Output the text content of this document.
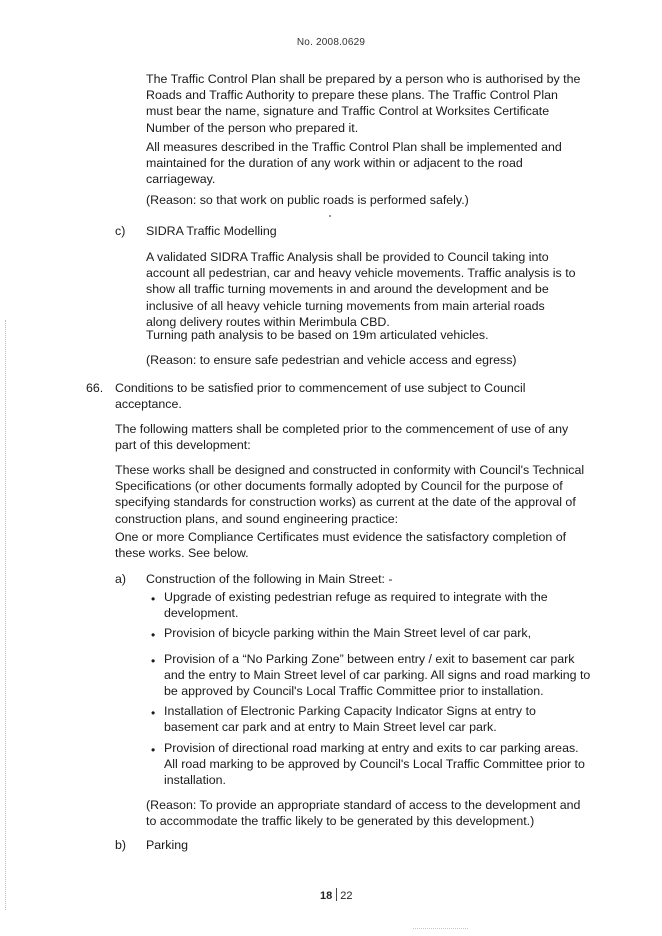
No. 2008.0629
The Traffic Control Plan shall be prepared by a person who is authorised by the Roads and Traffic Authority to prepare these plans. The Traffic Control Plan must bear the name, signature and Traffic Control at Worksites Certificate Number of the person who prepared it.
All measures described in the Traffic Control Plan shall be implemented and maintained for the duration of any work within or adjacent to the road carriageway.
(Reason: so that work on public roads is performed safely.)
c) SIDRA Traffic Modelling
A validated SIDRA Traffic Analysis shall be provided to Council taking into account all pedestrian, car and heavy vehicle movements. Traffic analysis is to show all traffic turning movements in and around the development and be inclusive of all heavy vehicle turning movements from main arterial roads along delivery routes within Merimbula CBD.
Turning path analysis to be based on 19m articulated vehicles.
(Reason: to ensure safe pedestrian and vehicle access and egress)
66. Conditions to be satisfied prior to commencement of use subject to Council acceptance.
The following matters shall be completed prior to the commencement of use of any part of this development:
These works shall be designed and constructed in conformity with Council's Technical Specifications (or other documents formally adopted by Council for the purpose of specifying standards for construction works) as current at the date of the approval of construction plans, and sound engineering practice:
One or more Compliance Certificates must evidence the satisfactory completion of these works. See below.
a) Construction of the following in Main Street: -
• Upgrade of existing pedestrian refuge as required to integrate with the development.
• Provision of bicycle parking within the Main Street level of car park,
• Provision of a “No Parking Zone” between entry / exit to basement car park and the entry to Main Street level of car parking. All signs and road marking to be approved by Council's Local Traffic Committee prior to installation.
• Installation of Electronic Parking Capacity Indicator Signs at entry to basement car park and at entry to Main Street level car park.
• Provision of directional road marking at entry and exits to car parking areas. All road marking to be approved by Council's Local Traffic Committee prior to installation.
(Reason: To provide an appropriate standard of access to the development and to accommodate the traffic likely to be generated by this development.)
b) Parking
18 22
